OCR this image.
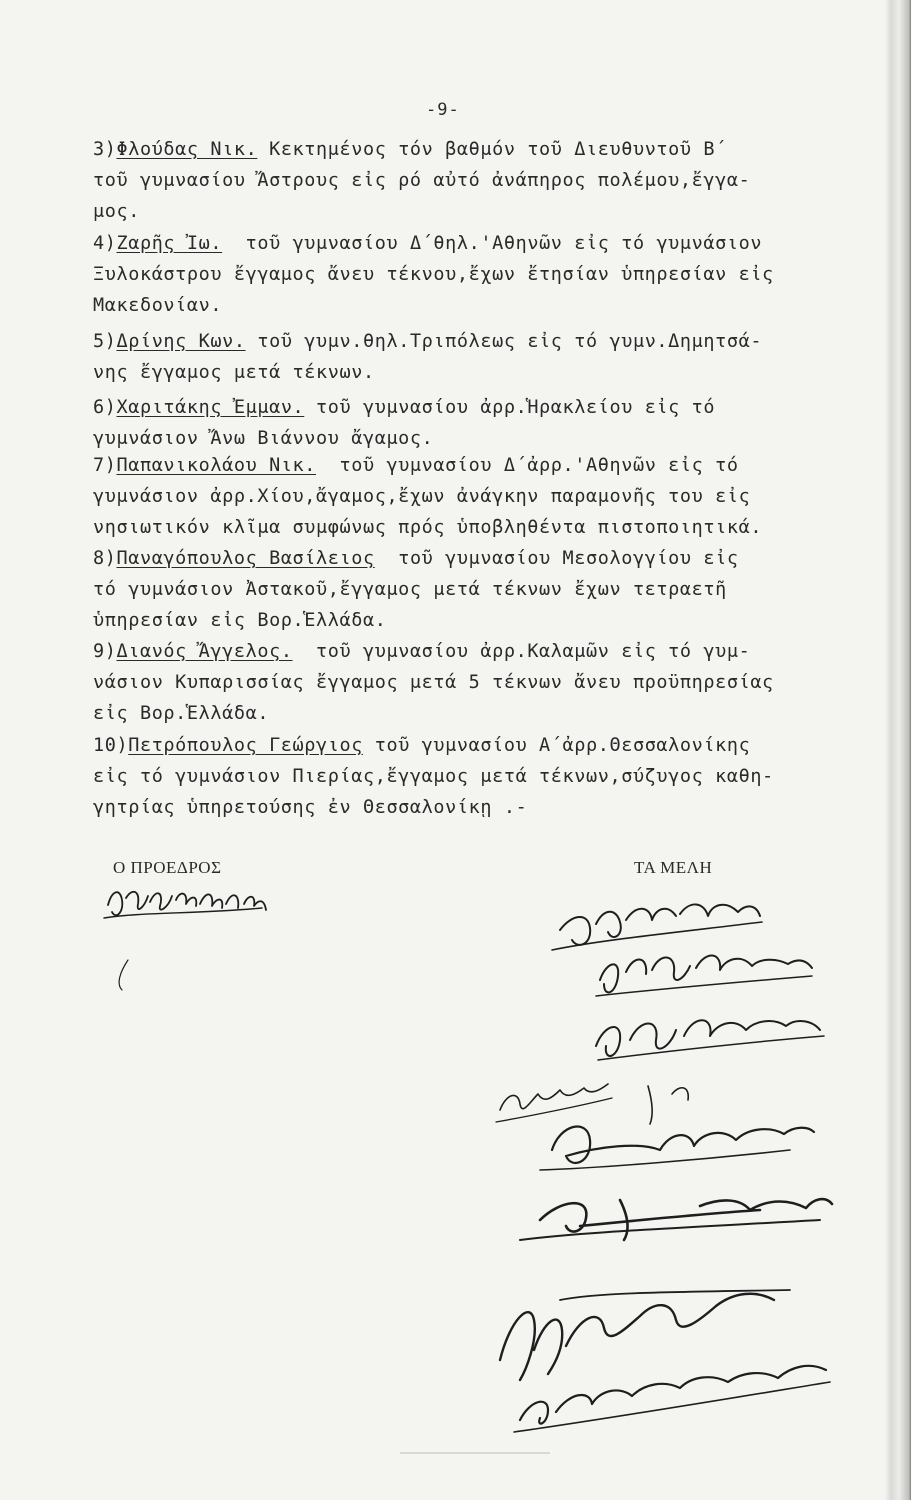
-9-
3)Φλούδας Νικ. Κεκτημένος τόν βαθμόν τοῦ Διευθυντοῦ Β΄
τοῦ γυμνασίου Ἄστρους εἰς ρό αὐτό ἀνάπηρος πολέμου,ἔγγα-
μος.
4)Ζαρῆς Ἰω.  τοῦ γυμνασίου Δ΄θηλ.'Αθηνῶν εἰς τό γυμνάσιον
Ξυλοκάστρου ἔγγαμος ἄνευ τέκνου,ἔχων ἔτησίαν ὑπηρεσίαν εἰς
Μακεδονίαν.
5)Δρίνης Κων. τοῦ γυμν.θηλ.Τριπόλεως εἰς τό γυμν.Δημητσά-
νης ἔγγαμος μετά τέκνων.
6)Χαριτάκης Ἐμμαν. τοῦ γυμνασίου ἀρρ.Ἡρακλείου εἰς τό
γυμνάσιον Ἄνω Βιάννου ἄγαμος.
7)Παπανικολάου Νικ.  τοῦ γυμνασίου Δ΄ἀρρ.'Αθηνῶν εἰς τό
γυμνάσιον ἀρρ.Χίου,ἄγαμος,ἔχων ἀνάγκην παραμονῆς του εἰς
νησιωτικόν κλῖμα συμφώνως πρός ὑποβληθέντα πιστοποιητικά.
8)Παναγόπουλος Βασίλειος  τοῦ γυμνασίου Μεσολογγίου εἰς
τό γυμνάσιον Ἀστακοῦ,ἔγγαμος μετά τέκνων ἔχων τετραετῆ
ὑπηρεσίαν εἰς Βορ.Ἑλλάδα.
9)Διανός Ἄγγελος.  τοῦ γυμνασίου ἀρρ.Καλαμῶν εἰς τό γυμ-
νάσιον Κυπαρισσίας ἔγγαμος μετά 5 τέκνων ἄνευ προϋπηρεσίας
εἰς Βορ.Ἑλλάδα.
10)Πετρόπουλος Γεώργιος τοῦ γυμνασίου Α΄ἀρρ.Θεσσαλονίκης
εἰς τό γυμνάσιον Πιερίας,ἔγγαμος μετά τέκνων,σύζυγος καθη-
γητρίας ὑπηρετούσης ἐν Θεσσαλονίκῃ .-
Ο ΠΡΟΕΔΡΟΣ	ΤΑ ΜΕΛΗ
